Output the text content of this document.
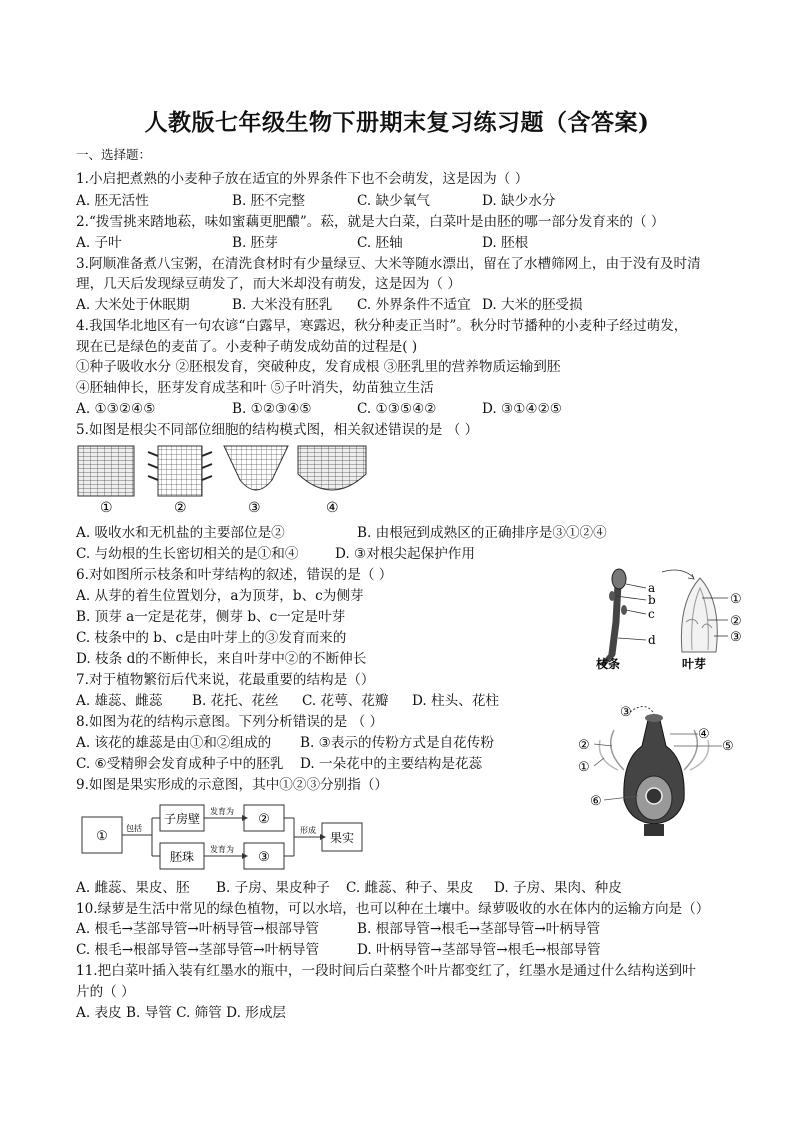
人教版七年级生物下册期末复习练习题（含答案)
一、选择题：
1.小启把煮熟的小麦种子放在适宜的外界条件下也不会萌发，这是因为（ ）
A. 胚无活性	B. 胚不完整	C. 缺少氧气	D. 缺少水分
2.“拨雪挑来踏地菘，味如蜜藕更肥醲”。菘，就是大白菜，白菜叶是由胚的哪一部分发育来的（ ）
A. 子叶	B. 胚芽	C. 胚轴	D. 胚根
3.阿顺准备煮八宝粥，在清洗食材时有少量绿豆、大米等随水漂出，留在了水槽筛网上，由于没有及时清
理，几天后发现绿豆萌发了，而大米却没有萌发，这是因为（ ）
A. 大米处于休眠期	B. 大米没有胚乳 C. 外界条件不适宜 D. 大米的胚受损
4.我国华北地区有一句农谚“白露早，寒露迟，秋分种麦正当时”。秋分时节播种的小麦种子经过萌发，
现在已是绿色的麦苗了。小麦种子萌发成幼苗的过程是( )
①种子吸收水分 ②胚根发育，突破种皮，发育成根 ③胚乳里的营养物质运输到胚
④胚轴伸长，胚芽发育成茎和叶 ⑤子叶消失，幼苗独立生活
A. ①③②④⑤	B. ①②③④⑤	C. ①③⑤④②	D. ③①④②⑤
5.如图是根尖不同部位细胞的结构模式图，相关叙述错误的是 （ ）
①	②	③	④
A. 吸收水和无机盐的主要部位是②	B. 由根冠到成熟区的正确排序是③①②④
C. 与幼根的生长密切相关的是①和④	D. ③对根尖起保护作用
6.对如图所示枝条和叶芽结构的叙述，错误的是（ ）
A. 从芽的着生位置划分，a为顶芽，b、c为侧芽
B. 顶芽 a一定是花芽，侧芽 b、c一定是叶芽
C. 枝条中的 b、c是由叶芽上的③发育而来的
D. 枝条 d的不断伸长，来自叶芽中②的不断伸长
a
b
c
d
①
②
③
枝条	叶芽
7.对于植物繁衍后代来说，花最重要的结构是（）
A. 雄蕊、雌蕊 B. 花托、花丝 C. 花萼、花瓣 D. 柱头、花柱
8.如图为花的结构示意图。下列分析错误的是 （ ）
A. 该花的雄蕊是由①和②组成的 B. ③表示的传粉方式是自花传粉
C. ⑥受精卵会发育成种子中的胚乳 D. 一朵花中的主要结构是花蕊
②
①
③
④
⑤
⑥
9.如图是果实形成的示意图，其中①②③分别指（）
①
子房壁
胚珠
②
③
果实
包括
发育为
发育为
形成
A. 雌蕊、果皮、胚 B. 子房、果皮种子 C. 雌蕊、种子、果皮 D. 子房、果肉、种皮
10.绿萝是生活中常见的绿色植物，可以水培，也可以种在土壤中。绿萝吸收的水在体内的运输方向是（）
A. 根毛→茎部导管→叶柄导管→根部导管	B. 根部导管→根毛→茎部导管→叶柄导管
C. 根毛→根部导管→茎部导管→叶柄导管	D. 叶柄导管→茎部导管→根毛→根部导管
11.把白菜叶插入装有红墨水的瓶中，一段时间后白菜整个叶片都变红了，红墨水是通过什么结构送到叶
片的（ ）
A. 表皮 B. 导管 C. 筛管 D. 形成层
